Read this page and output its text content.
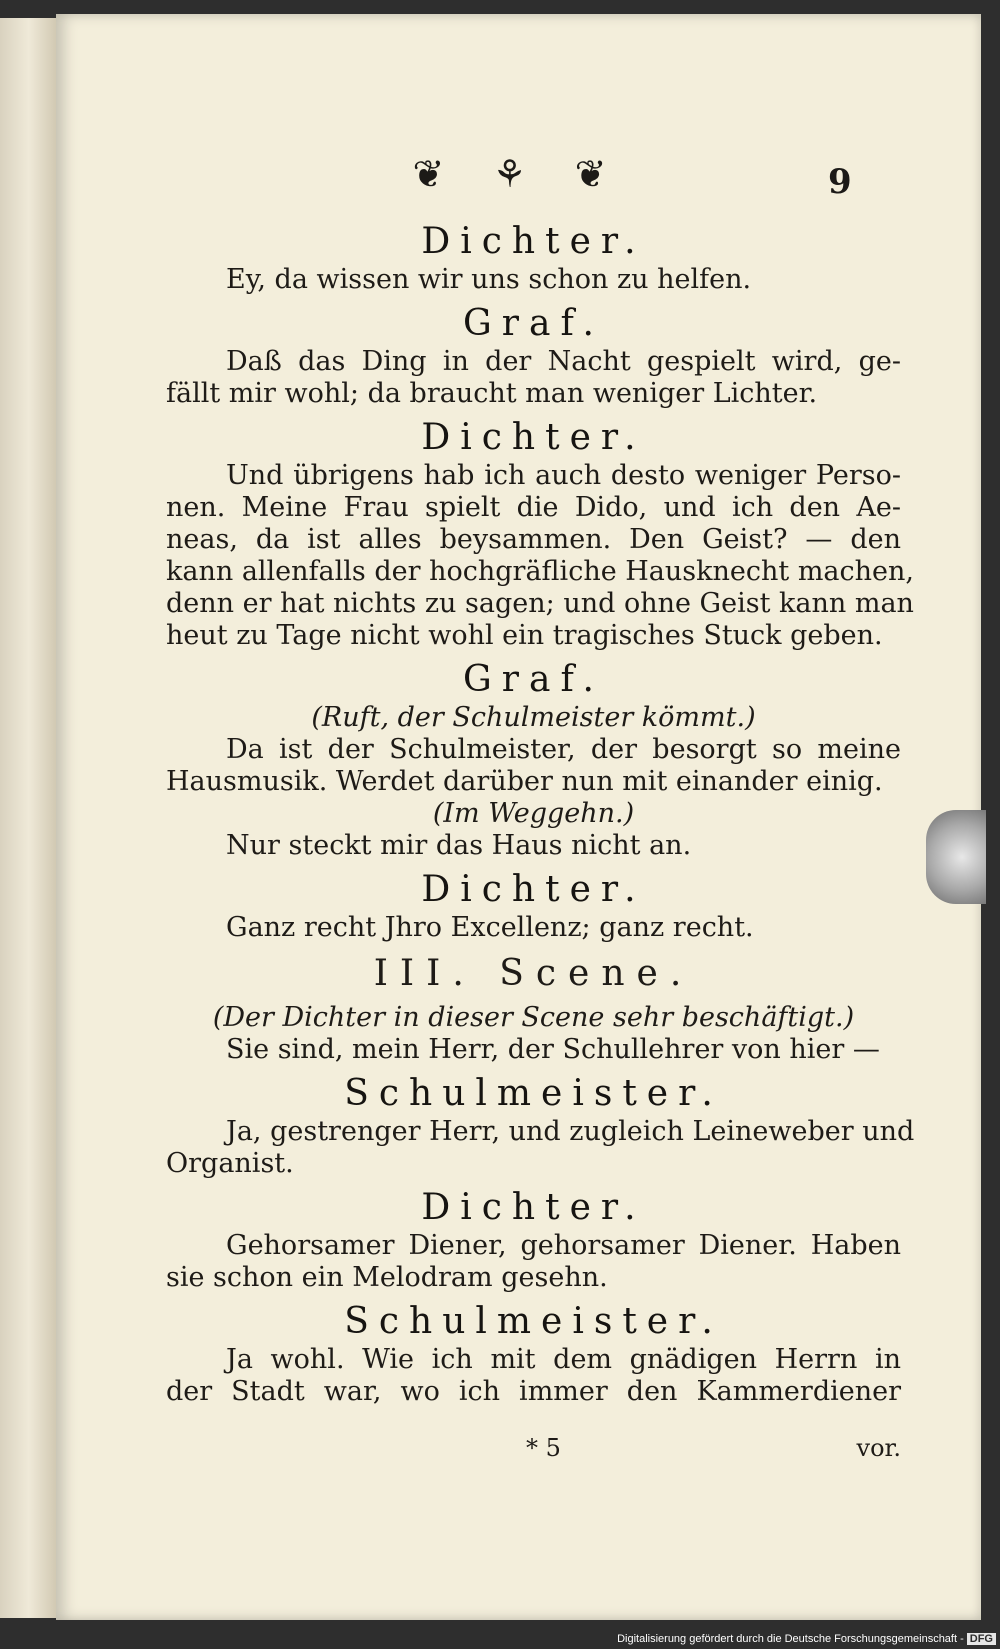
❦ ⚘ ❦	9
Dichter.
Ey, da wissen wir uns schon zu helfen.
Graf.
Daß das Ding in der Nacht gespielt wird, ge-
fällt mir wohl; da braucht man weniger Lichter.
Dichter.
Und übrigens hab ich auch desto weniger Perso-
nen. Meine Frau spielt die Dido, und ich den Ae-
neas, da ist alles beysammen. Den Geist? — den
kann allenfalls der hochgräfliche Hausknecht machen,
denn er hat nichts zu sagen; und ohne Geist kann man
heut zu Tage nicht wohl ein tragisches Stuck geben.
Graf.
(Ruft, der Schulmeister kömmt.)
Da ist der Schulmeister, der besorgt so meine
Hausmusik. Werdet darüber nun mit einander einig.
(Im Weggehn.)
Nur steckt mir das Haus nicht an.
Dichter.
Ganz recht Jhro Excellenz; ganz recht.
III. Scene.
(Der Dichter in dieser Scene sehr beschäftigt.)
Sie sind, mein Herr, der Schullehrer von hier —
Schulmeister.
Ja, gestrenger Herr, und zugleich Leineweber und
Organist.
Dichter.
Gehorsamer Diener, gehorsamer Diener. Haben
sie schon ein Melodram gesehn.
Schulmeister.
Ja wohl. Wie ich mit dem gnädigen Herrn in
der Stadt war, wo ich immer den Kammerdiener
* 5	vor.
Digitalisierung gefördert durch die Deutsche Forschungsgemeinschaft - DFG
